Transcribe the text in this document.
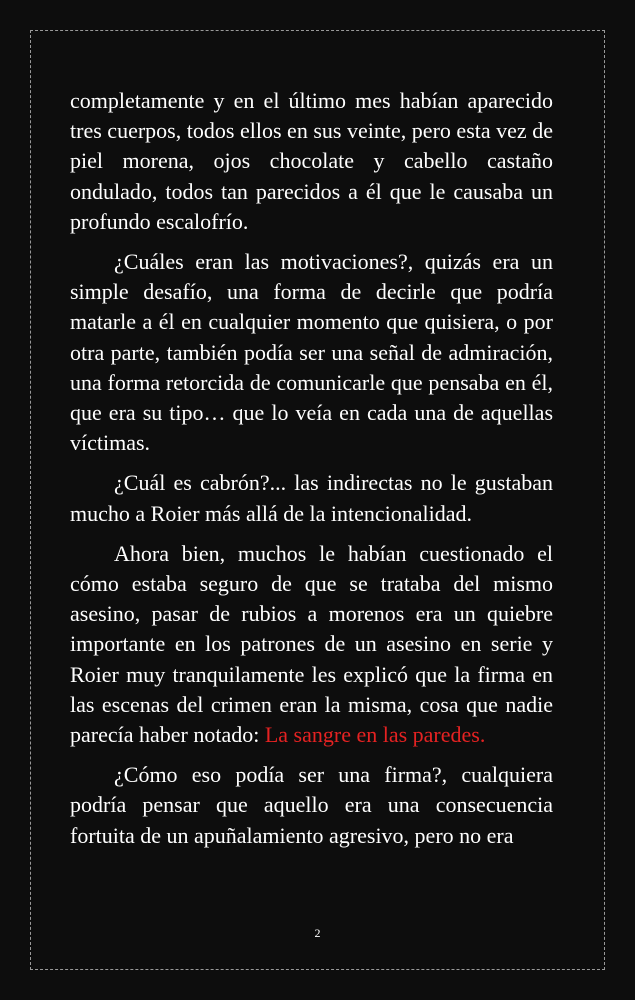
completamente y en el último mes habían aparecido tres cuerpos, todos ellos en sus veinte, pero esta vez de piel morena, ojos chocolate y cabello castaño ondulado, todos tan parecidos a él que le causaba un profundo escalofrío.

¿Cuáles eran las motivaciones?, quizás era un simple desafío, una forma de decirle que podría matarle a él en cualquier momento que quisiera, o por otra parte, también podía ser una señal de admiración, una forma retorcida de comunicarle que pensaba en él, que era su tipo… que lo veía en cada una de aquellas víctimas.

¿Cuál es cabrón?... las indirectas no le gustaban mucho a Roier más allá de la intencionalidad.

Ahora bien, muchos le habían cuestionado el cómo estaba seguro de que se trataba del mismo asesino, pasar de rubios a morenos era un quiebre importante en los patrones de un asesino en serie y Roier muy tranquilamente les explicó que la firma en las escenas del crimen eran la misma, cosa que nadie parecía haber notado: La sangre en las paredes.

¿Cómo eso podía ser una firma?, cualquiera podría pensar que aquello era una consecuencia fortuita de un apuñalamiento agresivo, pero no era

2
